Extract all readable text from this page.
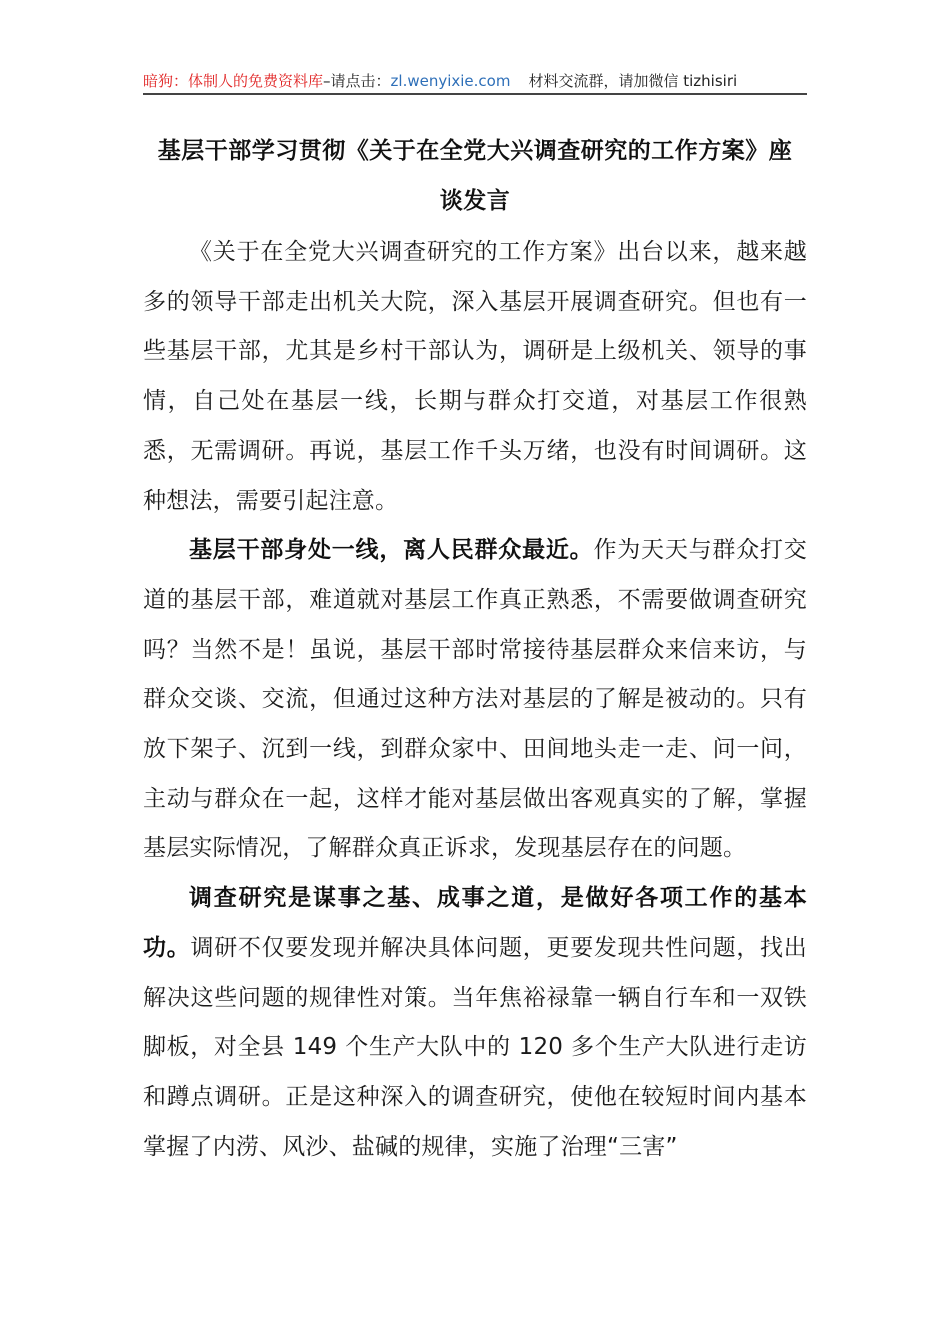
暗狗：体制人的免费资料库 –请点击： zl.wenyixie.com 材料交流群，请加微信 tizhisiri
基层干部学习贯彻《关于在全党大兴调查研究的工作方案》座
谈发言

《关于在全党大兴调查研究的工作方案》出台以来，越来越多的领导干部走出机关大院，深入基层开展调查研究。但也有一些基层干部，尤其是乡村干部认为，调研是上级机关、领导的事情，自己处在基层一线，长期与群众打交道，对基层工作很熟悉，无需调研。再说，基层工作千头万绪，也没有时间调研。这种想法，需要引起注意。

基层干部身处一线，离人民群众最近。作为天天与群众打交道的基层干部，难道就对基层工作真正熟悉，不需要做调查研究吗？当然不是！虽说，基层干部时常接待基层群众来信来访，与群众交谈、交流，但通过这种方法对基层的了解是被动的。只有放下架子、沉到一线，到群众家中、田间地头走一走、问一问，主动与群众在一起，这样才能对基层做出客观真实的了解，掌握基层实际情况，了解群众真正诉求，发现基层存在的问题。

调查研究是谋事之基、成事之道，是做好各项工作的基本功。调研不仅要发现并解决具体问题，更要发现共性问题，找出解决这些问题的规律性对策。当年焦裕禄靠一辆自行车和一双铁脚板，对全县 149 个生产大队中的 120 多个生产大队进行走访和蹲点调研。正是这种深入的调查研究，使他在较短时间内基本掌握了内涝、风沙、盐碱的规律，实施了治理“三害”
